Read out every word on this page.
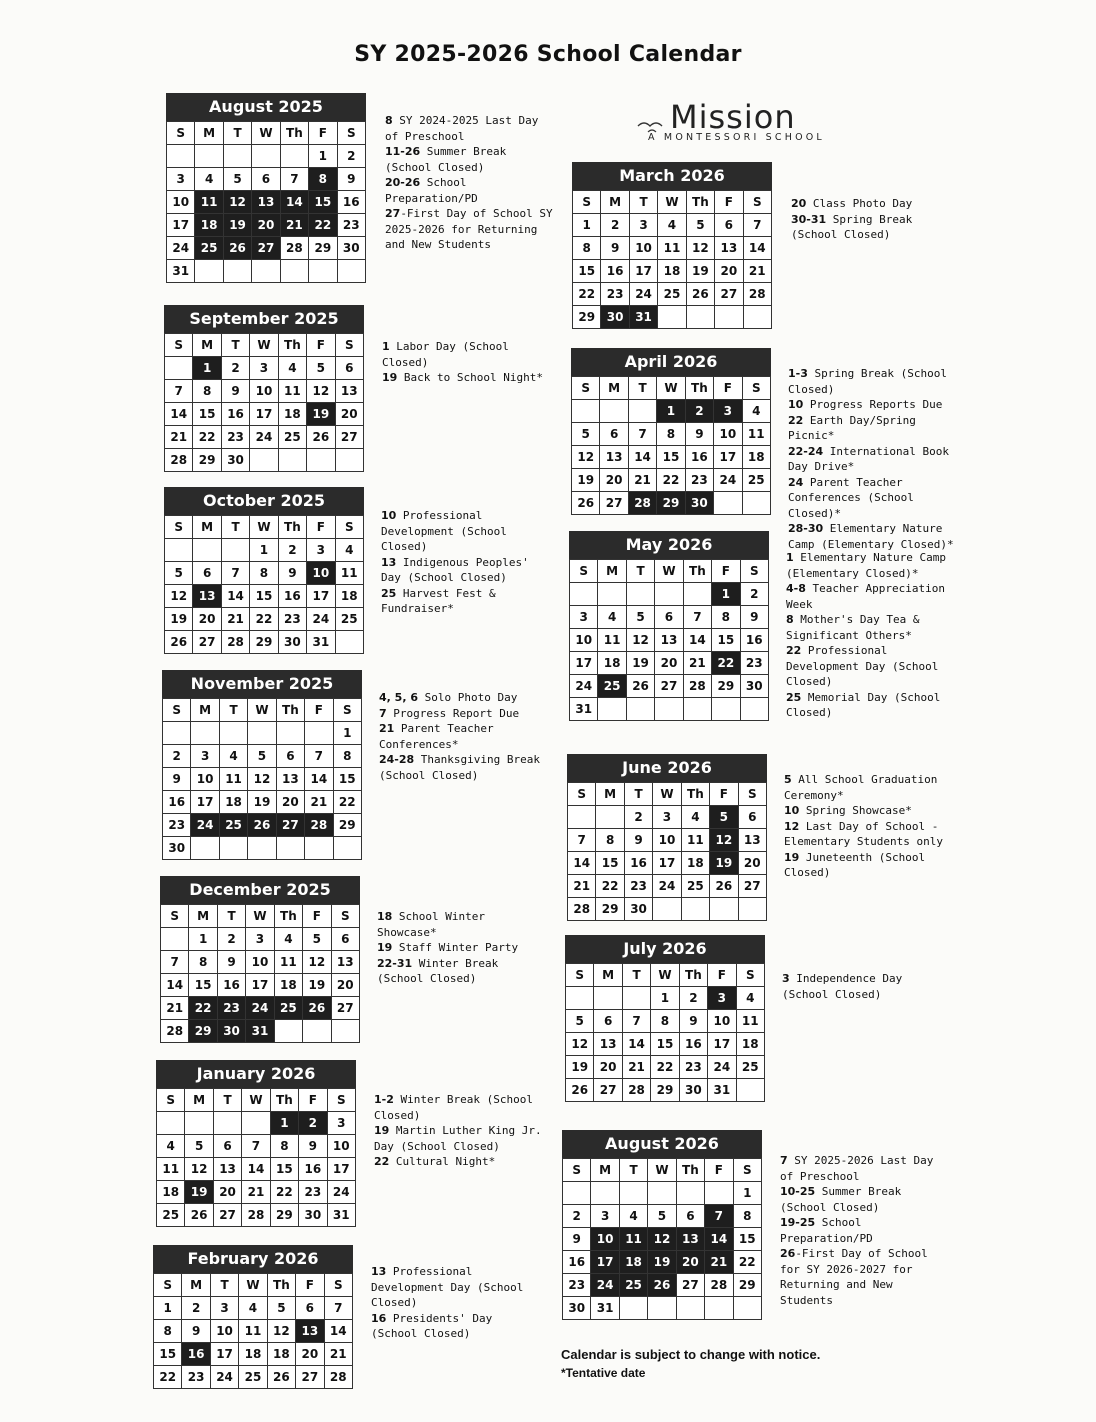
SY 2025-2026 School Calendar
Mission
A MONTESSORI SCHOOL
August 2025
S	M	T	W	Th	F	S
					1	2
3	4	5	6	7	8	9
10	11	12	13	14	15	16
17	18	19	20	21	22	23
24	25	26	27	28	29	30
31						
8 SY 2024-2025 Last Day of Preschool
11-26 Summer Break (School Closed)
20-26 School Preparation/PD
27-First Day of School SY 2025-2026 for Returning and New Students
September 2025
S	M	T	W	Th	F	S
	1	2	3	4	5	6
7	8	9	10	11	12	13
14	15	16	17	18	19	20
21	22	23	24	25	26	27
28	29	30				
1 Labor Day (School Closed)
19 Back to School Night*
October 2025
S	M	T	W	Th	F	S
			1	2	3	4
5	6	7	8	9	10	11
12	13	14	15	16	17	18
19	20	21	22	23	24	25
26	27	28	29	30	31	
10 Professional Development (School Closed)
13 Indigenous Peoples' Day (School Closed)
25 Harvest Fest & Fundraiser*
November 2025
S	M	T	W	Th	F	S
						1
2	3	4	5	6	7	8
9	10	11	12	13	14	15
16	17	18	19	20	21	22
23	24	25	26	27	28	29
30						
4, 5, 6 Solo Photo Day
7 Progress Report Due
21 Parent Teacher Conferences*
24-28 Thanksgiving Break (School Closed)
December 2025
S	M	T	W	Th	F	S
	1	2	3	4	5	6
7	8	9	10	11	12	13
14	15	16	17	18	19	20
21	22	23	24	25	26	27
28	29	30	31			
18 School Winter Showcase*
19 Staff Winter Party
22-31 Winter Break (School Closed)
January 2026
S	M	T	W	Th	F	S
				1	2	3
4	5	6	7	8	9	10
11	12	13	14	15	16	17
18	19	20	21	22	23	24
25	26	27	28	29	30	31
1-2 Winter Break (School Closed)
19 Martin Luther King Jr. Day (School Closed)
22 Cultural Night*
February 2026
S	M	T	W	Th	F	S
1	2	3	4	5	6	7
8	9	10	11	12	13	14
15	16	17	18	18	20	21
22	23	24	25	26	27	28
13 Professional Development Day (School Closed)
16 Presidents' Day (School Closed)
March 2026
S	M	T	W	Th	F	S
1	2	3	4	5	6	7
8	9	10	11	12	13	14
15	16	17	18	19	20	21
22	23	24	25	26	27	28
29	30	31				
20 Class Photo Day
30-31 Spring Break (School Closed)
April 2026
S	M	T	W	Th	F	S
			1	2	3	4
5	6	7	8	9	10	11
12	13	14	15	16	17	18
19	20	21	22	23	24	25
26	27	28	29	30		
1-3 Spring Break (School Closed)
10 Progress Reports Due
22 Earth Day/Spring Picnic*
22-24 International Book Day Drive*
24 Parent Teacher Conferences (School Closed)*
28-30 Elementary Nature Camp (Elementary Closed)*
May 2026
S	M	T	W	Th	F	S
					1	2
3	4	5	6	7	8	9
10	11	12	13	14	15	16
17	18	19	20	21	22	23
24	25	26	27	28	29	30
31						
1 Elementary Nature Camp (Elementary Closed)*
4-8 Teacher Appreciation Week
8 Mother's Day Tea & Significant Others*
22 Professional Development Day (School Closed)
25 Memorial Day (School Closed)
June 2026
S	M	T	W	Th	F	S
		2	3	4	5	6
7	8	9	10	11	12	13
14	15	16	17	18	19	20
21	22	23	24	25	26	27
28	29	30				
5 All School Graduation Ceremony*
10 Spring Showcase*
12 Last Day of School - Elementary Students only
19 Juneteenth (School Closed)
July 2026
S	M	T	W	Th	F	S
			1	2	3	4
5	6	7	8	9	10	11
12	13	14	15	16	17	18
19	20	21	22	23	24	25
26	27	28	29	30	31	
3 Independence Day (School Closed)
August 2026
S	M	T	W	Th	F	S
						1
2	3	4	5	6	7	8
9	10	11	12	13	14	15
16	17	18	19	20	21	22
23	24	25	26	27	28	29
30	31					
7 SY 2025-2026 Last Day of Preschool
10-25 Summer Break (School Closed)
19-25 School Preparation/PD
26-First Day of School for SY 2026-2027 for Returning and New Students
Calendar is subject to change with notice.
*Tentative date
